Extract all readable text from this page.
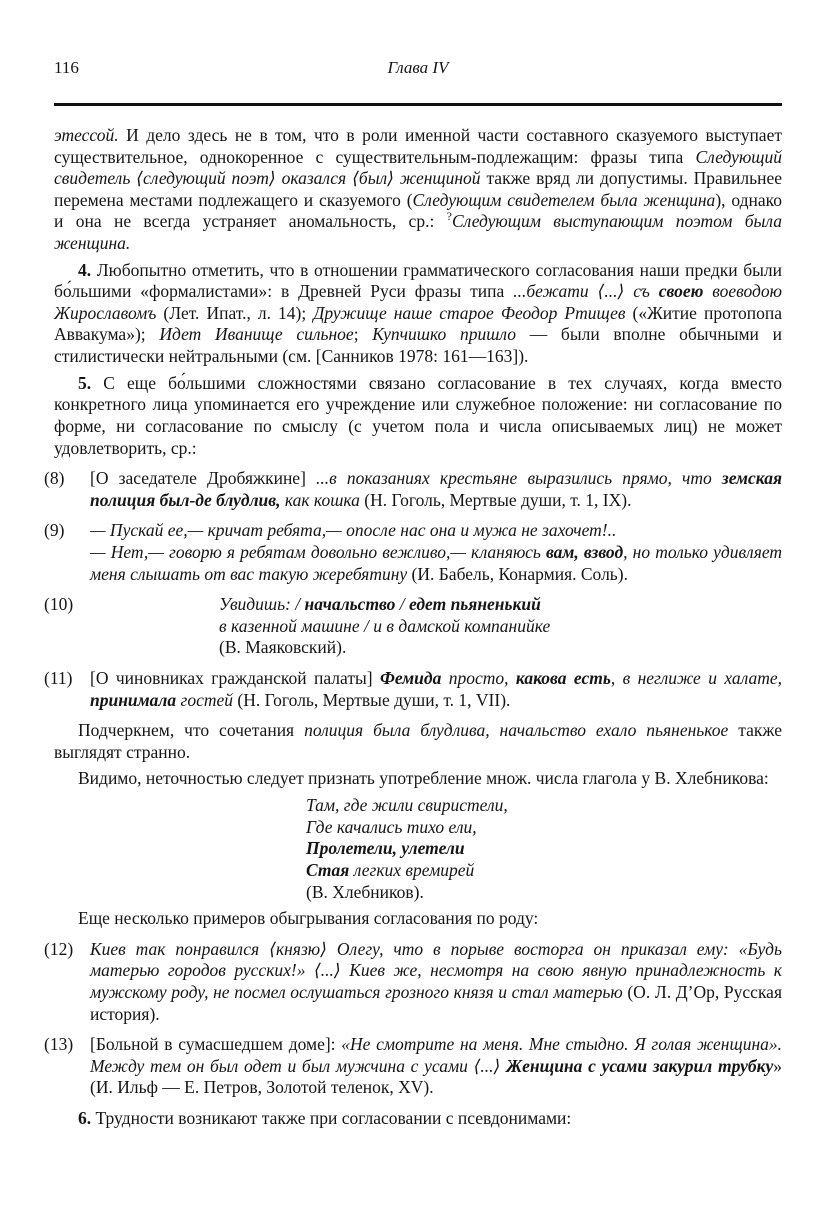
116	Глава IV
этессой. И дело здесь не в том, что в роли именной части составного сказуемого выступает существительное, однокоренное с существительным-подлежащим: фразы типа Следующий свидетель ⟨следующий поэт⟩ оказался ⟨был⟩ женщиной также вряд ли допустимы. Правильнее перемена местами подлежащего и сказуемого (Следующим свидетелем была женщина), однако и она не всегда устраняет аномальность, ср.: ?Следующим выступающим поэтом была женщина.
4. Любопытно отметить, что в отношении грамматического согласования наши предки были бо́льшими «формалистами»: в Древней Руси фразы типа ...бежати ⟨...⟩ съ своею воеводою Жирославомъ (Лет. Ипат., л. 14); Дружище наше старое Феодор Ртищев («Житие протопопа Аввакума»); Идет Иванище сильное; Купчишко пришло — были вполне обычными и стилистически нейтральными (см. [Санников 1978: 161—163]).
5. С еще бо́льшими сложностями связано согласование в тех случаях, когда вместо конкретного лица упоминается его учреждение или служебное положение: ни согласование по форме, ни согласование по смыслу (с учетом пола и числа описываемых лиц) не может удовлетворить, ср.:
(8) [О заседателе Дробяжкине] ...в показаниях крестьяне выразились прямо, что земская полиция был-де блудлив, как кошка (Н. Гоголь, Мертвые души, т. 1, IX).
(9) — Пускай ее,— кричат ребята,— опосле нас она и мужа не захочет!..
— Нет,— говорю я ребятам довольно вежливо,— кланяюсь вам, взвод, но только удивляет меня слышать от вас такую жеребятину (И. Бабель, Конармия. Соль).
(10)	Увидишь: / начальство / едет пьяненький
в казенной машине / и в дамской компанийке
(В. Маяковский).
(11) [О чиновниках гражданской палаты] Фемида просто, какова есть, в неглиже и халате, принимала гостей (Н. Гоголь, Мертвые души, т. 1, VII).
Подчеркнем, что сочетания полиция была блудлива, начальство ехало пьяненькое также выглядят странно.
Видимо, неточностью следует признать употребление множ. числа глагола у В. Хлебникова:
Там, где жили свиристели,
Где качались тихо ели,
Пролетели, улетели
Стая легких времирей
(В. Хлебников).
Еще несколько примеров обыгрывания согласования по роду:
(12) Киев так понравился ⟨князю⟩ Олегу, что в порыве восторга он приказал ему: «Будь матерью городов русских!» ⟨...⟩ Киев же, несмотря на свою явную принадлежность к мужскому роду, не посмел ослушаться грозного князя и стал матерью (О. Л. Д’Ор, Русская история).
(13) [Больной в сумасшедшем доме]: «Не смотрите на меня. Мне стыдно. Я голая женщина». Между тем он был одет и был мужчина с усами ⟨...⟩ Женщина с усами закурил трубку» (И. Ильф — Е. Петров, Золотой теленок, XV).
6. Трудности возникают также при согласовании с псевдонимами:
